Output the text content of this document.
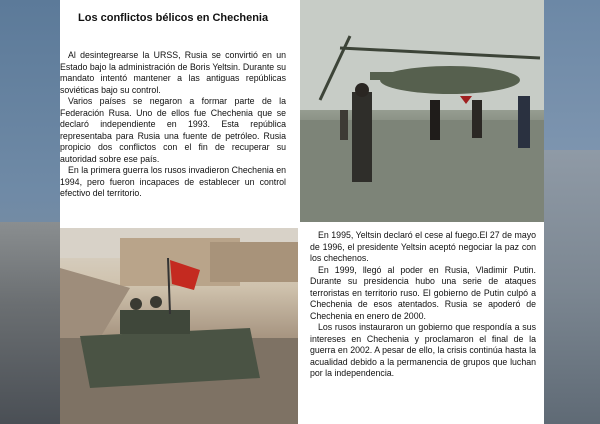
Los conflictos bélicos en Chechenia

Al desintegrearse la URSS, Rusia se convirtió en un Estado bajo la administración de Boris Yeltsin. Durante su mandato intentó mantener a las antiguas repúblicas soviéticas bajo su control.

Varios países se negaron a formar parte de la Federación Rusa. Uno de ellos fue Chechenia que se declaró independiente en 1993. Esta república representaba para Rusia una fuente de petróleo. Rusia propicio dos conflictos con el fin de recuperar su autoridad sobre ese país.

En la primera guerra los rusos invadieron Chechenia en 1994, pero fueron incapaces de establecer un control efectivo del territorio.

En 1995, Yeltsin declaró el cese al fuego.El 27 de mayo de 1996, el presidente Yeltsin aceptó negociar la paz con los chechenos.

En 1999, llegó al poder en Rusia, Vladimir Putin. Durante su presidencia hubo una serie de ataques terroristas en territorio ruso. El gobierno de Putin culpó a Chechenia de esos atentados. Rusia se apoderó de Chechenia en enero de 2000.

Los rusos instauraron un gobierno que respondía a sus intereses en Chechenia y proclamaron el final de la guerra en 2002. A pesar de ello, la crisis continúa hasta la acualidad debido a la permanencia de grupos que luchan por la independencia.
